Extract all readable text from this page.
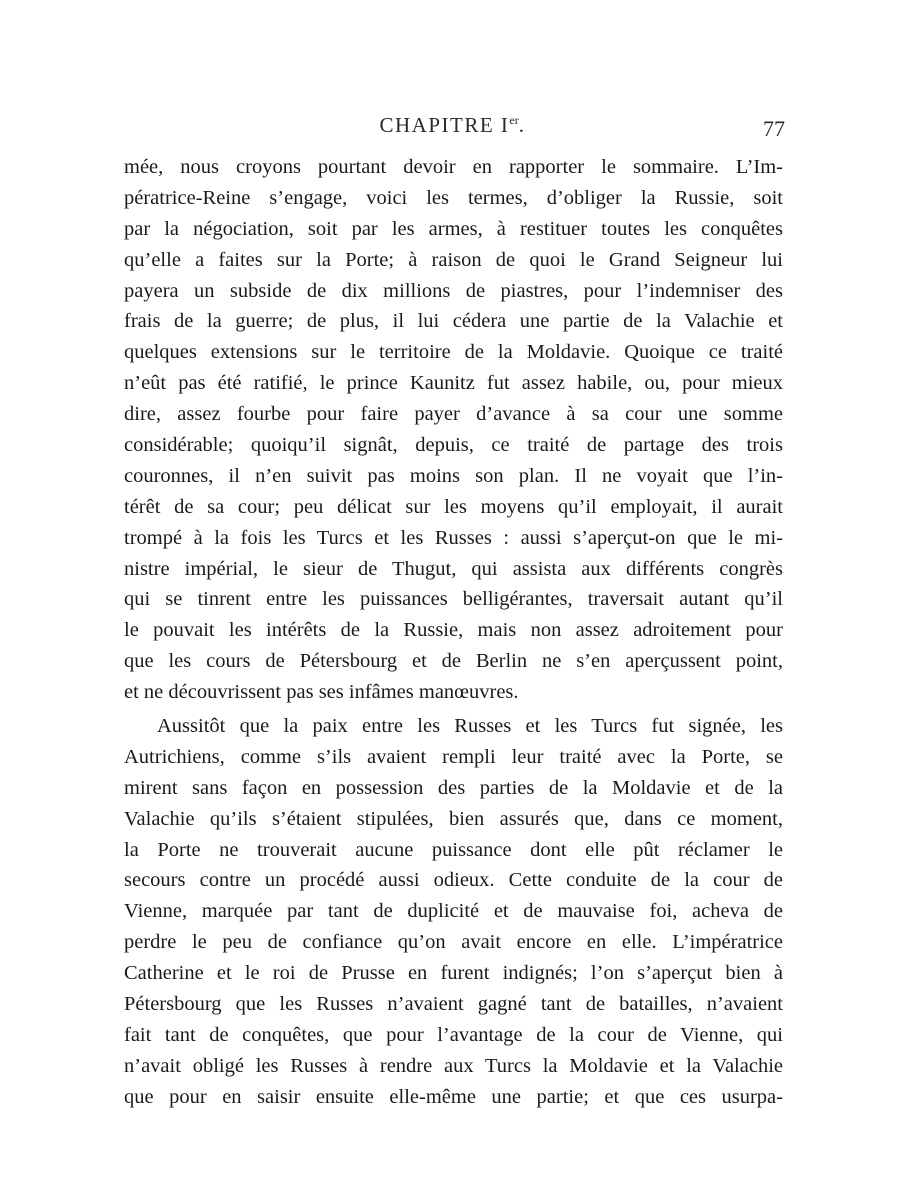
CHAPITRE Ier.	77
mée, nous croyons pourtant devoir en rapporter le sommaire. L’Im-
pératrice-Reine s’engage, voici les termes, d’obliger la Russie, soit
par la négociation, soit par les armes, à restituer toutes les conquêtes
qu’elle a faites sur la Porte; à raison de quoi le Grand Seigneur lui
payera un subside de dix millions de piastres, pour l’indemniser des
frais de la guerre; de plus, il lui cédera une partie de la Valachie et
quelques extensions sur le territoire de la Moldavie. Quoique ce traité
n’eût pas été ratifié, le prince Kaunitz fut assez habile, ou, pour mieux
dire, assez fourbe pour faire payer d’avance à sa cour une somme
considérable; quoiqu’il signât, depuis, ce traité de partage des trois
couronnes, il n’en suivit pas moins son plan. Il ne voyait que l’in-
térêt de sa cour; peu délicat sur les moyens qu’il employait, il aurait
trompé à la fois les Turcs et les Russes : aussi s’aperçut-on que le mi-
nistre impérial, le sieur de Thugut, qui assista aux différents congrès
qui se tinrent entre les puissances belligérantes, traversait autant qu’il
le pouvait les intérêts de la Russie, mais non assez adroitement pour
que les cours de Pétersbourg et de Berlin ne s’en aperçussent point,
et ne découvrissent pas ses infâmes manœuvres.
Aussitôt que la paix entre les Russes et les Turcs fut signée, les
Autrichiens, comme s’ils avaient rempli leur traité avec la Porte, se
mirent sans façon en possession des parties de la Moldavie et de la
Valachie qu’ils s’étaient stipulées, bien assurés que, dans ce moment,
la Porte ne trouverait aucune puissance dont elle pût réclamer le
secours contre un procédé aussi odieux. Cette conduite de la cour de
Vienne, marquée par tant de duplicité et de mauvaise foi, acheva de
perdre le peu de confiance qu’on avait encore en elle. L’impératrice
Catherine et le roi de Prusse en furent indignés; l’on s’aperçut bien à
Pétersbourg que les Russes n’avaient gagné tant de batailles, n’avaient
fait tant de conquêtes, que pour l’avantage de la cour de Vienne, qui
n’avait obligé les Russes à rendre aux Turcs la Moldavie et la Valachie
que pour en saisir ensuite elle-même une partie; et que ces usurpa-
